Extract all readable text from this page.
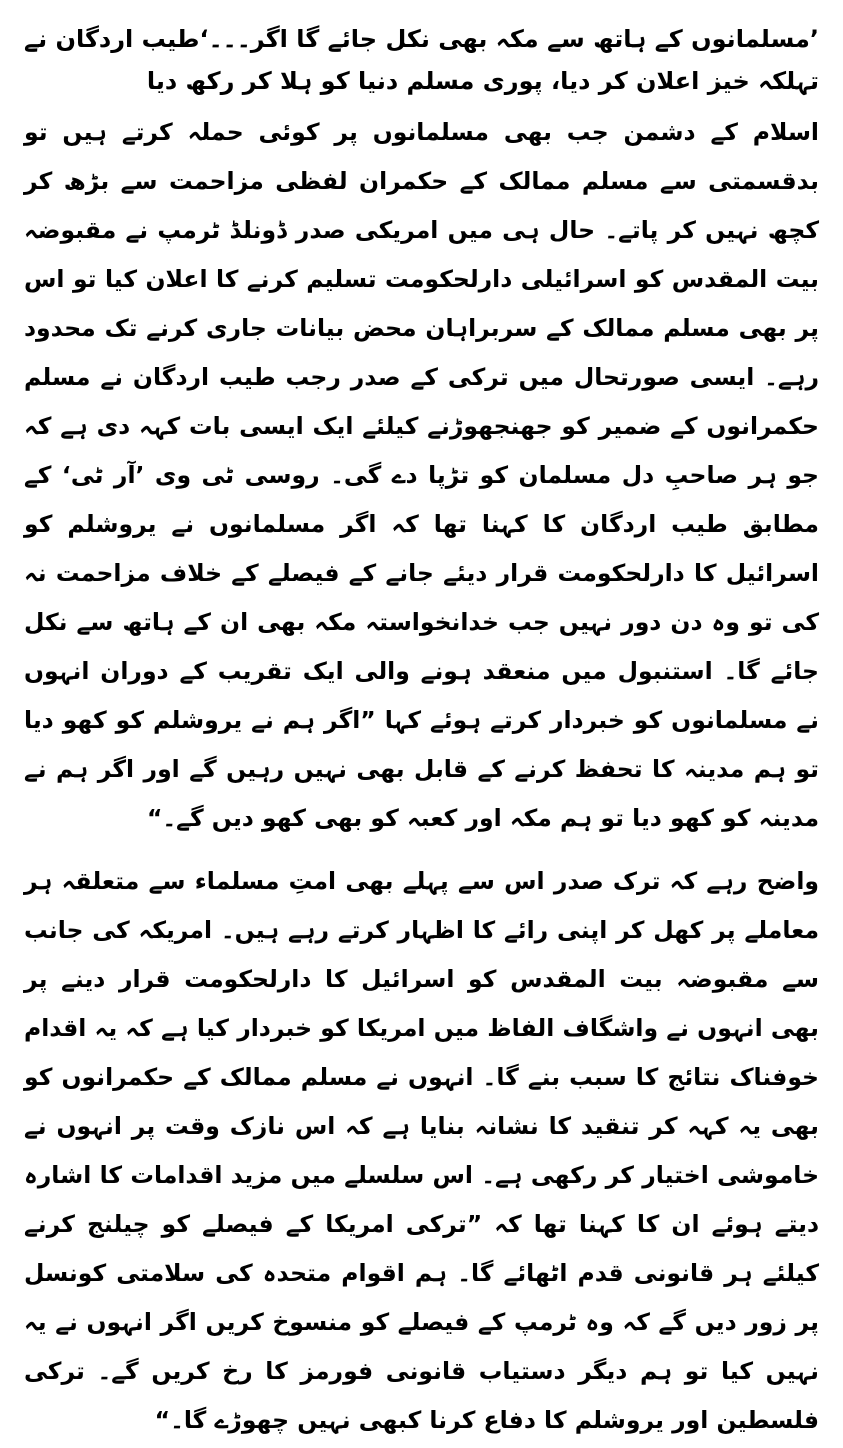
’مسلمانوں کے ہاتھ سے مکہ بھی نکل جائے گا اگر۔۔۔‘طیب اردگان نے تہلکہ خیز اعلان کر دیا، پوری مسلم دنیا کو ہلا کر رکھ دیا

اسلام کے دشمن جب بھی مسلمانوں پر کوئی حملہ کرتے ہیں تو بدقسمتی سے مسلم ممالک کے حکمران لفظی مزاحمت سے بڑھ کر کچھ نہیں کر پاتے۔ حال ہی میں امریکی صدر ڈونلڈ ٹرمپ نے مقبوضہ بیت المقدس کو اسرائیلی دارلحکومت تسلیم کرنے کا اعلان کیا تو اس پر بھی مسلم ممالک کے سربراہان محض بیانات جاری کرنے تک محدود رہے۔ ایسی صورتحال میں ترکی کے صدر رجب طیب اردگان نے مسلم حکمرانوں کے ضمیر کو جھنجھوڑنے کیلئے ایک ایسی بات کہہ دی ہے کہ جو ہر صاحبِ دل مسلمان کو تڑپا دے گی۔ روسی ٹی وی ’آر ٹی‘ کے مطابق طیب اردگان کا کہنا تھا کہ اگر مسلمانوں نے یروشلم کو اسرائیل کا دارلحکومت قرار دیئے جانے کے فیصلے کے خلاف مزاحمت نہ کی تو وہ دن دور نہیں جب خدانخواستہ مکہ بھی ان کے ہاتھ سے نکل جائے گا۔ استنبول میں منعقد ہونے والی ایک تقریب کے دوران انہوں نے مسلمانوں کو خبردار کرتے ہوئے کہا ”اگر ہم نے یروشلم کو کھو دیا تو ہم مدینہ کا تحفظ کرنے کے قابل بھی نہیں رہیں گے اور اگر ہم نے مدینہ کو کھو دیا تو ہم مکہ اور کعبہ کو بھی کھو دیں گے۔“

واضح رہے کہ ترک صدر اس سے پہلے بھی امتِ مسلماء سے متعلقہ ہر معاملے پر کھل کر اپنی رائے کا اظہار کرتے رہے ہیں۔ امریکہ کی جانب سے مقبوضہ بیت المقدس کو اسرائیل کا دارلحکومت قرار دینے پر بھی انہوں نے واشگاف الفاظ میں امریکا کو خبردار کیا ہے کہ یہ اقدام خوفناک نتائج کا سبب بنے گا۔ انہوں نے مسلم ممالک کے حکمرانوں کو بھی یہ کہہ کر تنقید کا نشانہ بنایا ہے کہ اس نازک وقت پر انہوں نے خاموشی اختیار کر رکھی ہے۔ اس سلسلے میں مزید اقدامات کا اشارہ دیتے ہوئے ان کا کہنا تھا کہ ”ترکی امریکا کے فیصلے کو چیلنج کرنے کیلئے ہر قانونی قدم اٹھائے گا۔ ہم اقوام متحدہ کی سلامتی کونسل پر زور دیں گے کہ وہ ٹرمپ کے فیصلے کو منسوخ کریں اگر انہوں نے یہ نہیں کیا تو ہم دیگر دستیاب قانونی فورمز کا رخ کریں گے۔ ترکی فلسطین اور یروشلم کا دفاع کرنا کبھی نہیں چھوڑے گا۔“
